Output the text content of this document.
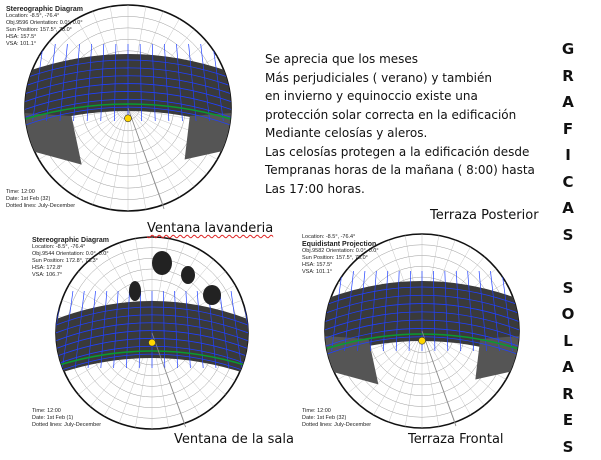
Stereographic Diagram
Location: -8.5°, -76.4°
Obj.9596 Orientation: 0.0°, 0.0°
Sun Position: 157.5°, 78.0°
HSA: 157.5°
VSA: 101.1°
Time: 12:00
Date: 1st Feb (32)
Dotted lines: July-December
Stereographic Diagram
Location: -8.5°, -76.4°
Obj.9544 Orientation: 0.0°, 0.0°
Sun Position: 172.8°, 73.3°
HSA: 172.8°
VSA: 106.7°
Time: 12:00
Date: 1st Feb (1)
Dotted lines: July-December
Location: -8.5°, -76.4°
Equidistant Projection
Obj.9582 Orientation: 0.0°, 0.0°
Sun Position: 157.5°, 78.0°
HSA: 157.5°
VSA: 101.1°
Time: 12:00
Date: 1st Feb (32)
Dotted lines: July-December
Se aprecia que los meses
Más perjudiciales ( verano) y también
en invierno y equinoccio existe una
protección solar correcta en la edificación
Mediante celosías y aleros.
Las celosías protegen a la edificación desde
Tempranas horas de la mañana ( 8:00) hasta
Las 17:00 horas.
G
R
A
F
I
C
A
S
S
O
L
A
R
E
S
Terraza Posterior
Ventana lavanderia
Ventana de la sala	Terraza Frontal
